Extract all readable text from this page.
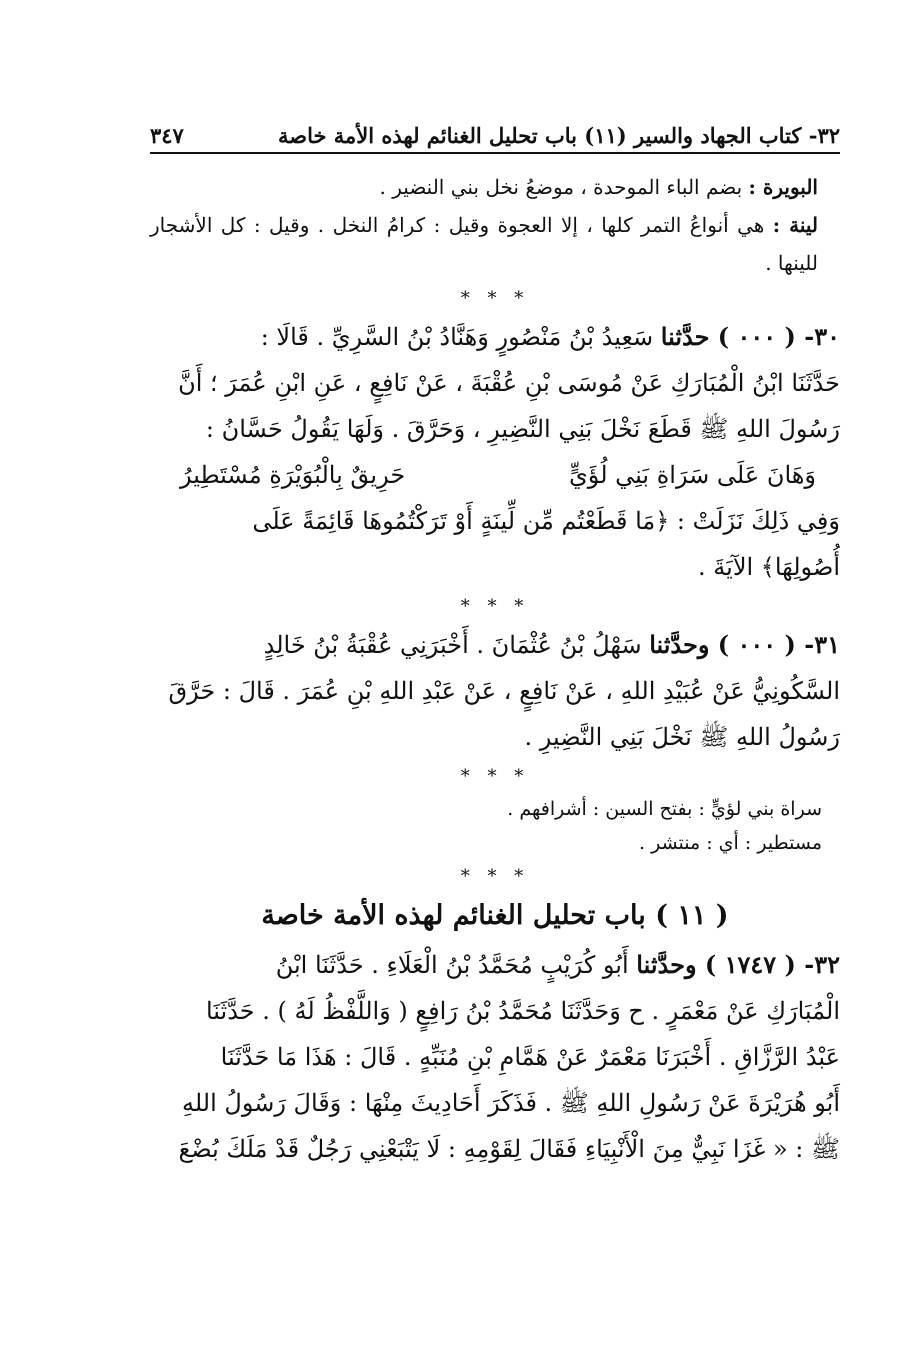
٣٢- كتاب الجهاد والسير (١١) باب تحليل الغنائم لهذه الأمة خاصة
٣٤٧

البويرة : بضم الباء الموحدة ، موضعُ نخل بني النضير .

لينة : هي أنواعُ التمر كلها ، إلا العجوة وقيل : كرامُ النخل . وقيل : كل الأشجار للينها .

* * *

٣٠- ( ٠٠٠ ) حدَّثنا سَعِيدُ بْنُ مَنْصُورٍ وَهَنَّادُ بْنُ السَّرِيِّ . قَالَا :

حَدَّثَنَا ابْنُ الْمُبَارَكِ عَنْ مُوسَى بْنِ عُقْبَةَ ، عَنْ نَافِعٍ ، عَنِ ابْنِ عُمَرَ ؛ أَنَّ

رَسُولَ اللهِ ﷺ قَطَعَ نَخْلَ بَنِي النَّضِيرِ ، وَحَرَّقَ . وَلَهَا يَقُولُ حَسَّانُ :

وَهَانَ عَلَى سَرَاةِ بَنِي لُؤَيٍّ
حَرِيقٌ بِالْبُوَيْرَةِ مُسْتَطِيرُ

وَفِي ذَلِكَ نَزَلَتْ : ﴿مَا قَطَعْتُم مِّن لِّينَةٍ أَوْ تَرَكْتُمُوهَا قَائِمَةً عَلَى

أُصُولِهَا﴾ الآيَةَ .

* * *

٣١- ( ٠٠٠ ) وحدَّثنا سَهْلُ بْنُ عُثْمَانَ . أَخْبَرَنِي عُقْبَةُ بْنُ خَالِدٍ

السَّكُونِيُّ عَنْ عُبَيْدِ اللهِ ، عَنْ نَافِعٍ ، عَنْ عَبْدِ اللهِ بْنِ عُمَرَ . قَالَ : حَرَّقَ

رَسُولُ اللهِ ﷺ نَخْلَ بَنِي النَّضِيرِ .

* * *

سراة بني لؤيٍّ : بفتح السين : أشرافهم .

مستطير : أي : منتشر .

* * *
( ١١ ) باب تحليل الغنائم لهذه الأمة خاصة

٣٢- ( ١٧٤٧ ) وحدَّثنا أَبُو كُرَيْبٍ مُحَمَّدُ بْنُ الْعَلَاءِ . حَدَّثَنَا ابْنُ

الْمُبَارَكِ عَنْ مَعْمَرٍ . ح وَحَدَّثَنَا مُحَمَّدُ بْنُ رَافِعٍ ( وَاللَّفْظُ لَهُ ) . حَدَّثَنَا

عَبْدُ الرَّزَّاقِ . أَخْبَرَنَا مَعْمَرٌ عَنْ هَمَّامِ بْنِ مُنَبِّهٍ . قَالَ : هَذَا مَا حَدَّثَنَا

أَبُو هُرَيْرَةَ عَنْ رَسُولِ اللهِ ﷺ . فَذَكَرَ أَحَادِيثَ مِنْهَا : وَقَالَ رَسُولُ اللهِ

ﷺ : « غَزَا نَبِيٌّ مِنَ الْأَنْبِيَاءِ فَقَالَ لِقَوْمِهِ : لَا يَتْبَعْنِي رَجُلٌ قَدْ مَلَكَ بُضْعَ
